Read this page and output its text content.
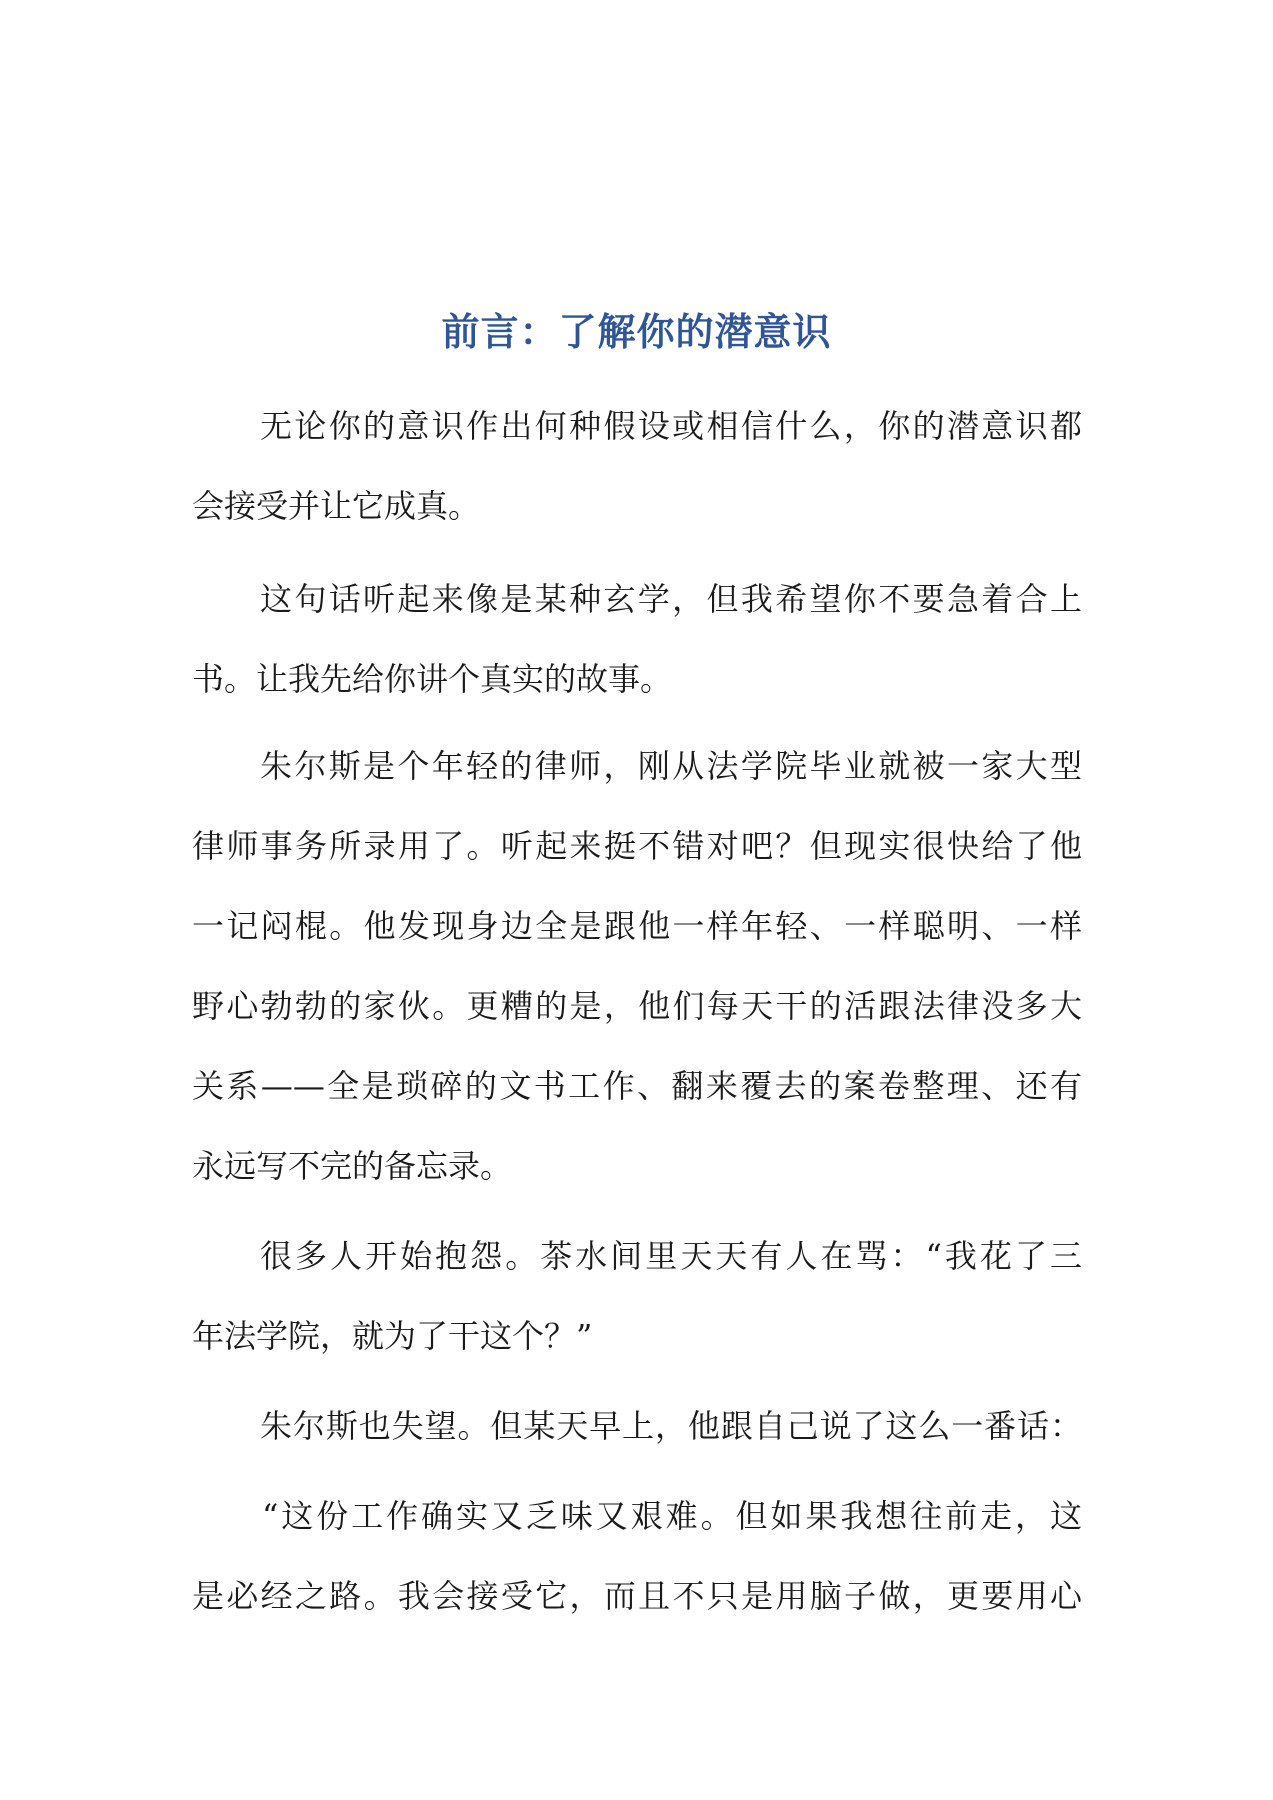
前言：了解你的潜意识
无论你的意识作出何种假设或相信什么，你的潜意识都
会接受并让它成真。
这句话听起来像是某种玄学，但我希望你不要急着合上
书。让我先给你讲个真实的故事。
朱尔斯是个年轻的律师，刚从法学院毕业就被一家大型
律师事务所录用了。听起来挺不错对吧？但现实很快给了他
一记闷棍。他发现身边全是跟他一样年轻、一样聪明、一样
野心勃勃的家伙。更糟的是，他们每天干的活跟法律没多大
关系——全是琐碎的文书工作、翻来覆去的案卷整理、还有
永远写不完的备忘录。
很多人开始抱怨。茶水间里天天有人在骂：“我花了三
年法学院，就为了干这个？”
朱尔斯也失望。但某天早上，他跟自己说了这么一番话：
“这份工作确实又乏味又艰难。但如果我想往前走，这
是必经之路。我会接受它，而且不只是用脑子做，更要用心
